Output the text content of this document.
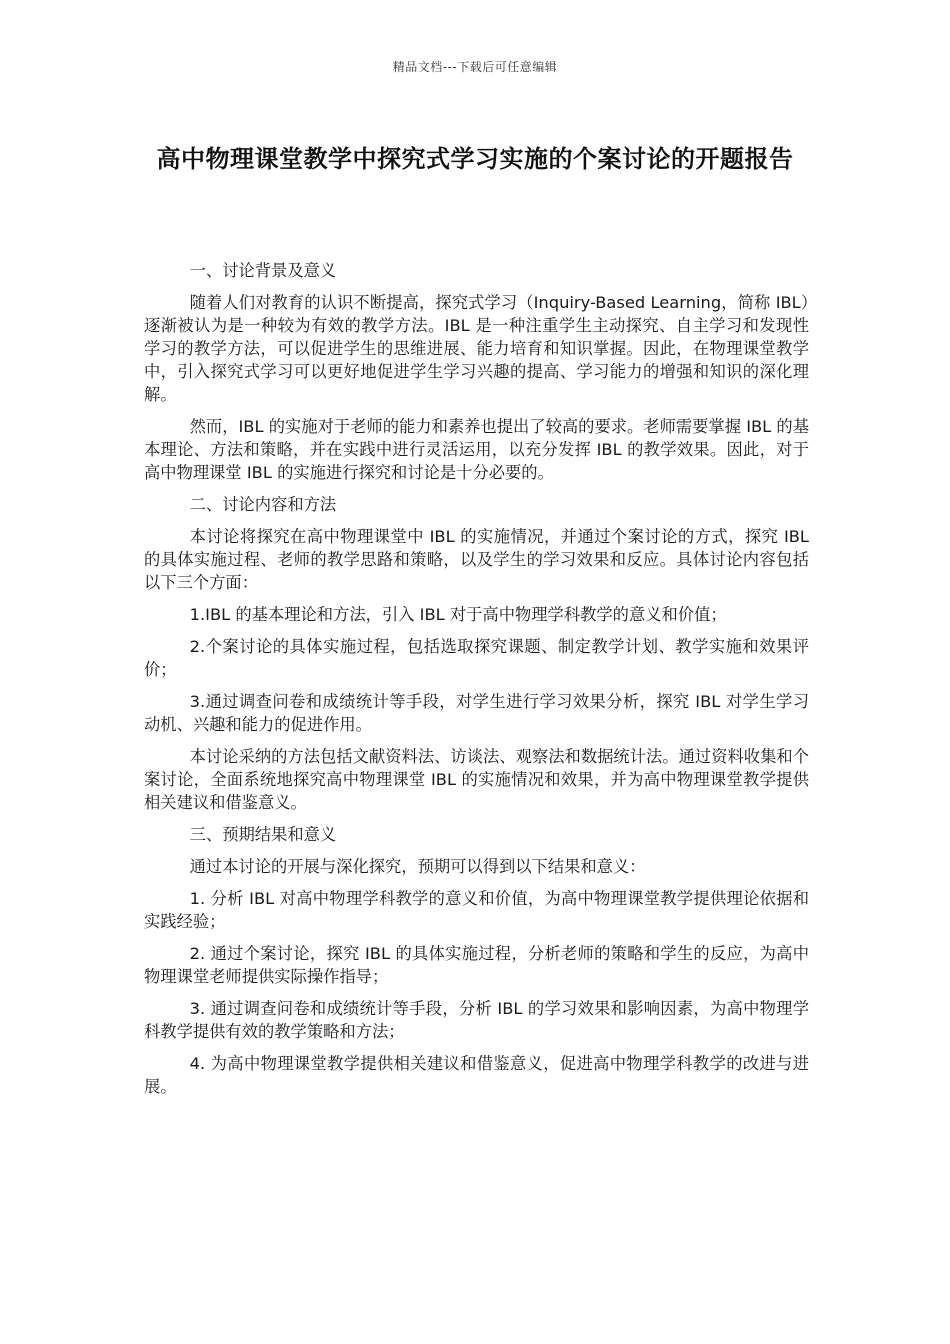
精品文档---下载后可任意编辑
高中物理课堂教学中探究式学习实施的个案讨论的开题报告

一、讨论背景及意义

随着人们对教育的认识不断提高，探究式学习（Inquiry-Based Learning，简称 IBL）逐渐被认为是一种较为有效的教学方法。IBL 是一种注重学生主动探究、自主学习和发现性学习的教学方法，可以促进学生的思维进展、能力培育和知识掌握。因此，在物理课堂教学中，引入探究式学习可以更好地促进学生学习兴趣的提高、学习能力的增强和知识的深化理解。

然而，IBL 的实施对于老师的能力和素养也提出了较高的要求。老师需要掌握 IBL 的基本理论、方法和策略，并在实践中进行灵活运用，以充分发挥 IBL 的教学效果。因此，对于高中物理课堂 IBL 的实施进行探究和讨论是十分必要的。

二、讨论内容和方法

本讨论将探究在高中物理课堂中 IBL 的实施情况，并通过个案讨论的方式，探究 IBL 的具体实施过程、老师的教学思路和策略，以及学生的学习效果和反应。具体讨论内容包括以下三个方面：

1.IBL 的基本理论和方法，引入 IBL 对于高中物理学科教学的意义和价值；

2.个案讨论的具体实施过程，包括选取探究课题、制定教学计划、教学实施和效果评价；

3.通过调查问卷和成绩统计等手段，对学生进行学习效果分析，探究 IBL 对学生学习动机、兴趣和能力的促进作用。

本讨论采纳的方法包括文献资料法、访谈法、观察法和数据统计法。通过资料收集和个案讨论，全面系统地探究高中物理课堂 IBL 的实施情况和效果，并为高中物理课堂教学提供相关建议和借鉴意义。

三、预期结果和意义

通过本讨论的开展与深化探究，预期可以得到以下结果和意义：

1. 分析 IBL 对高中物理学科教学的意义和价值，为高中物理课堂教学提供理论依据和实践经验；

2. 通过个案讨论，探究 IBL 的具体实施过程，分析老师的策略和学生的反应，为高中物理课堂老师提供实际操作指导；

3. 通过调查问卷和成绩统计等手段，分析 IBL 的学习效果和影响因素，为高中物理学科教学提供有效的教学策略和方法；

4. 为高中物理课堂教学提供相关建议和借鉴意义，促进高中物理学科教学的改进与进展。
